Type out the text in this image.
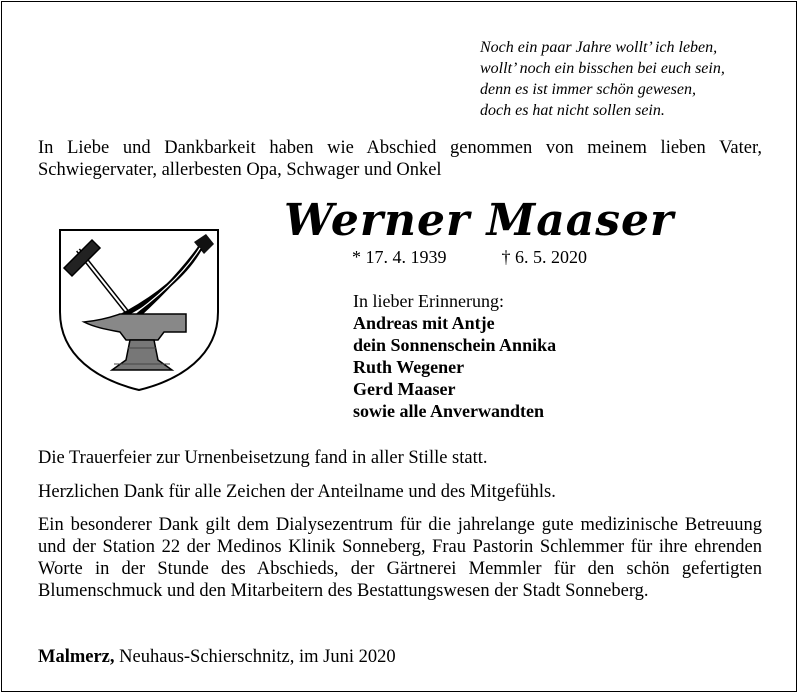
Noch ein paar Jahre wollt’ ich leben,
wollt’ noch ein bisschen bei euch sein,
denn es ist immer schön gewesen,
doch es hat nicht sollen sein.
In Liebe und Dankbarkeit haben wie Abschied genommen von meinem lieben Vater, Schwiegervater, allerbesten Opa, Schwager und Onkel
Werner Maaser
* 17. 4. 1939	† 6. 5. 2020
In lieber Erinnerung:
Andreas mit Antje
dein Sonnenschein Annika
Ruth Wegener
Gerd Maaser
sowie alle Anverwandten
Die Trauerfeier zur Urnenbeisetzung fand in aller Stille statt.
Herzlichen Dank für alle Zeichen der Anteilname und des Mitgefühls.
Ein besonderer Dank gilt dem Dialysezentrum für die jahrelange gute medizinische Betreuung und der Station 22 der Medinos Klinik Sonneberg, Frau Pastorin Schlemmer für ihre ehrenden Worte in der Stunde des Abschieds, der Gärtnerei Memmler für den schön gefertigten Blumenschmuck und den Mitarbeitern des Bestattungswesen der Stadt Sonneberg.
Malmerz, Neuhaus-Schierschnitz, im Juni 2020
